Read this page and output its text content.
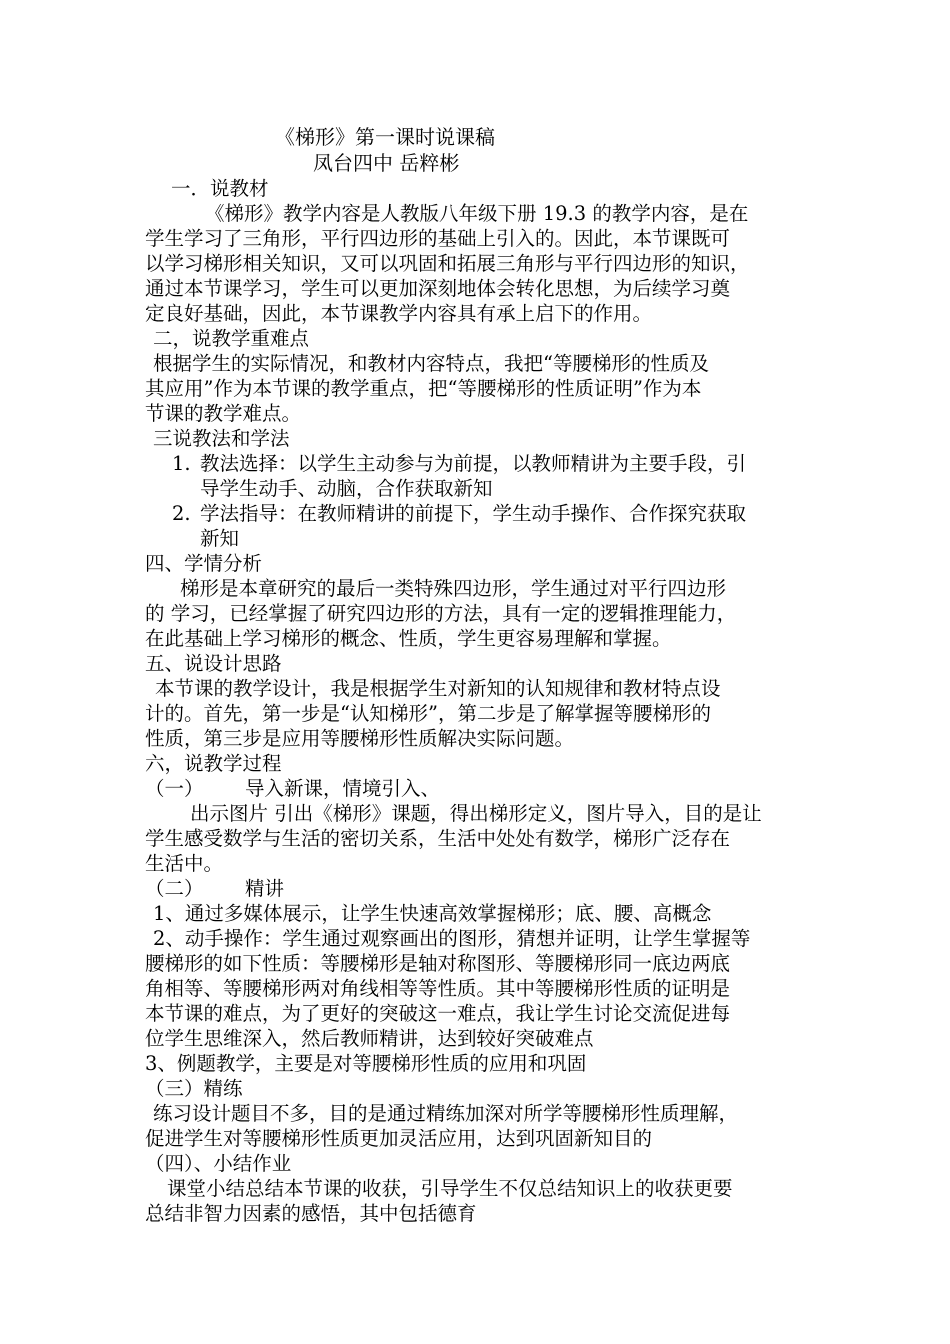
《梯形》第一课时说课稿
凤台四中 岳粹彬
一．说教材
《梯形》教学内容是人教版八年级下册 19.3 的教学内容，是在
学生学习了三角形，平行四边形的基础上引入的。因此，本节课既可
以学习梯形相关知识，又可以巩固和拓展三角形与平行四边形的知识，
通过本节课学习，学生可以更加深刻地体会转化思想，为后续学习奠
定良好基础，因此，本节课教学内容具有承上启下的作用。
二，说教学重难点
根据学生的实际情况，和教材内容特点，我把“等腰梯形的性质及
其应用”作为本节课的教学重点，把“等腰梯形的性质证明”作为本
节课的教学难点。
三说教法和学法
1. 教法选择：以学生主动参与为前提，以教师精讲为主要手段，引
导学生动手、动脑，合作获取新知
2. 学法指导：在教师精讲的前提下，学生动手操作、合作探究获取
新知
四、学情分析
梯形是本章研究的最后一类特殊四边形，学生通过对平行四边形
的 学习，已经掌握了研究四边形的方法，具有一定的逻辑推理能力，
在此基础上学习梯形的概念、性质，学生更容易理解和掌握。
五、说设计思路
本节课的教学设计，我是根据学生对新知的认知规律和教材特点设
计的。首先，第一步是“认知梯形”，第二步是了解掌握等腰梯形的
性质，第三步是应用等腰梯形性质解决实际问题。
六，说教学过程
（一） 导入新课，情境引入、
出示图片 引出《梯形》课题，得出梯形定义，图片导入，目的是让
学生感受数学与生活的密切关系，生活中处处有数学，梯形广泛存在
生活中。
（二） 精讲
1、通过多媒体展示，让学生快速高效掌握梯形；底、腰、高概念
2、动手操作：学生通过观察画出的图形，猜想并证明，让学生掌握等
腰梯形的如下性质：等腰梯形是轴对称图形、等腰梯形同一底边两底
角相等、等腰梯形两对角线相等等性质。其中等腰梯形性质的证明是
本节课的难点，为了更好的突破这一难点，我让学生讨论交流促进每
位学生思维深入，然后教师精讲，达到较好突破难点
3、例题教学，主要是对等腰梯形性质的应用和巩固
（三）精练
练习设计题目不多，目的是通过精练加深对所学等腰梯形性质理解，
促进学生对等腰梯形性质更加灵活应用，达到巩固新知目的
（四）、小结作业
课堂小结总结本节课的收获，引导学生不仅总结知识上的收获更要
总结非智力因素的感悟，其中包括德育
